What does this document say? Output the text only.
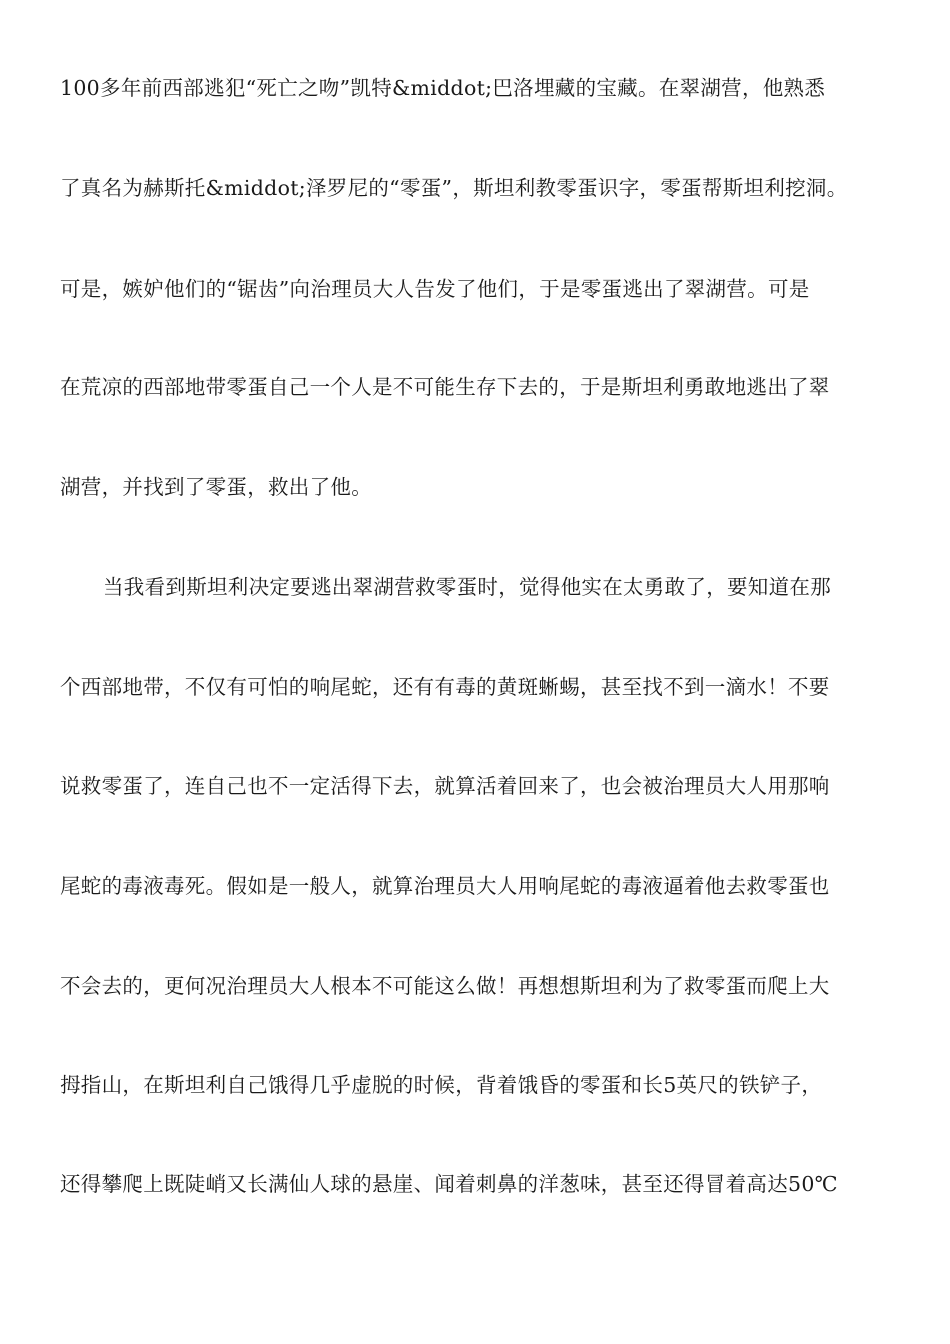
100多年前西部逃犯“死亡之吻”凯特&middot;巴洛埋藏的宝藏。在翠湖营，他熟悉
了真名为赫斯托&middot;泽罗尼的“零蛋”，斯坦利教零蛋识字，零蛋帮斯坦利挖洞。
可是，嫉妒他们的“锯齿”向治理员大人告发了他们，于是零蛋逃出了翠湖营。可是
在荒凉的西部地带零蛋自己一个人是不可能生存下去的，于是斯坦利勇敢地逃出了翠
湖营，并找到了零蛋，救出了他。
当我看到斯坦利决定要逃出翠湖营救零蛋时，觉得他实在太勇敢了，要知道在那
个西部地带，不仅有可怕的响尾蛇，还有有毒的黄斑蜥蜴，甚至找不到一滴水！不要
说救零蛋了，连自己也不一定活得下去，就算活着回来了，也会被治理员大人用那响
尾蛇的毒液毒死。假如是一般人，就算治理员大人用响尾蛇的毒液逼着他去救零蛋也
不会去的，更何况治理员大人根本不可能这么做！再想想斯坦利为了救零蛋而爬上大
拇指山，在斯坦利自己饿得几乎虚脱的时候，背着饿昏的零蛋和长5英尺的铁铲子，
还得攀爬上既陡峭又长满仙人球的悬崖、闻着刺鼻的洋葱味，甚至还得冒着高达50℃
